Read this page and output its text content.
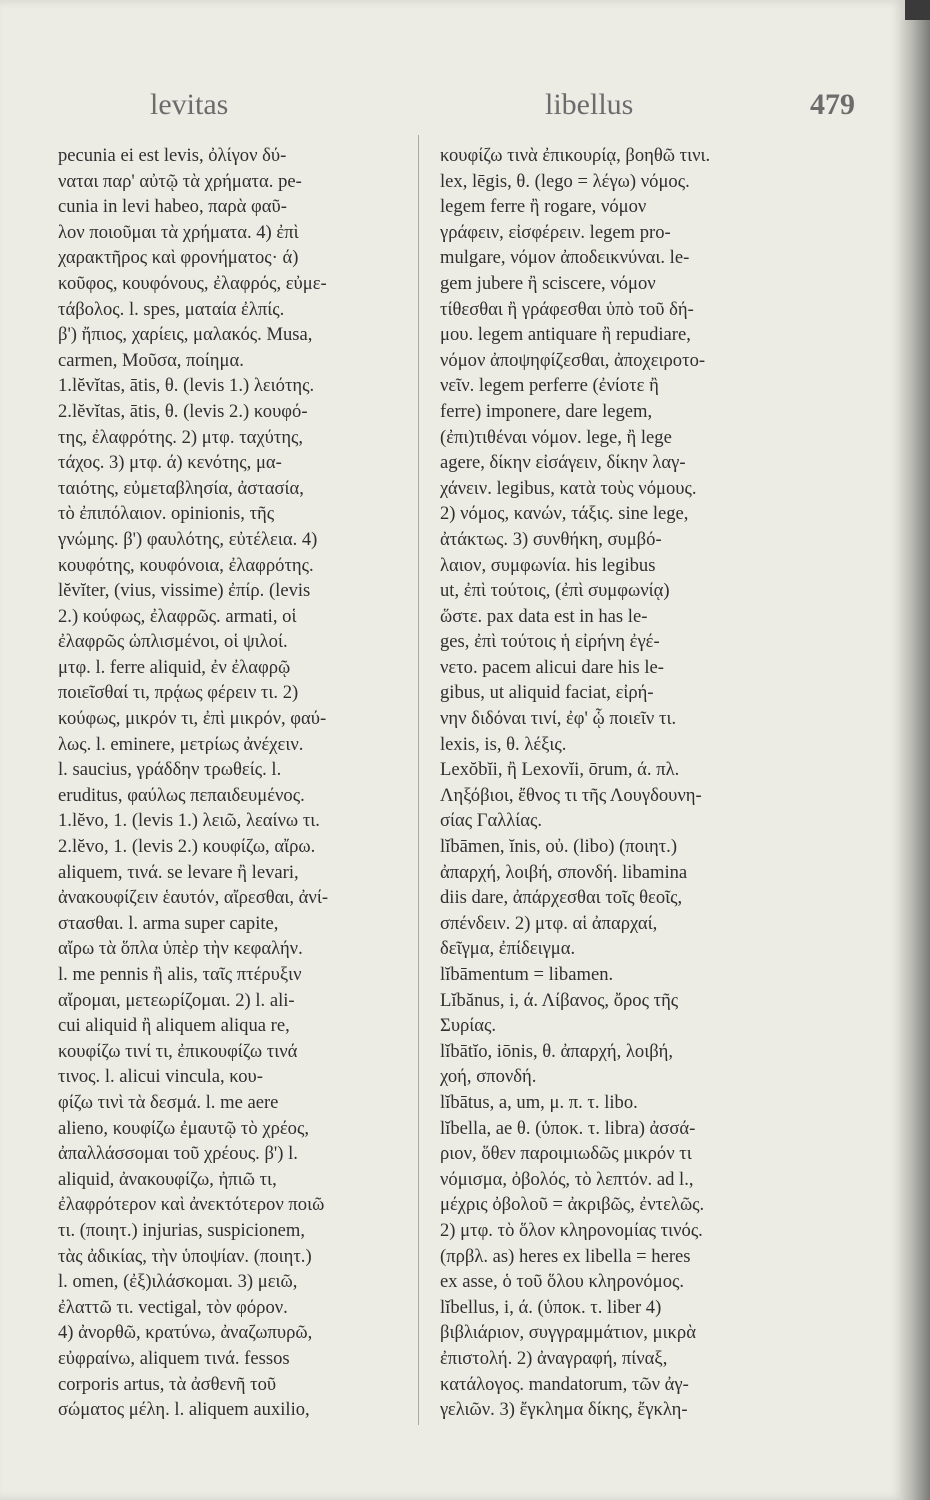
levitas	libellus	479
pecunia ei est levis, ὀλίγον δύ-
ναται παρ' αὐτῷ τὰ χρήματα. pe-
cunia in levi habeo, παρὰ φαῦ-
λον ποιοῦμαι τὰ χρήματα. 4) ἐπὶ
χαρακτῆρος καὶ φρονήματος· ά)
κοῦφος, κουφόνους, ἐλαφρός, εὐμε-
τάβολος. l. spes, ματαία ἐλπίς.
β') ἤπιος, χαρίεις, μαλακός. Musa,
carmen, Μοῦσα, ποίημα.
1.lĕvĭtas, ātis, θ. (levis 1.) λειότης.
2.lĕvĭtas, ātis, θ. (levis 2.) κουφό-
της, ἐλαφρότης. 2) μτφ. ταχύτης,
τάχος. 3) μτφ. ά) κενότης, μα-
ταιότης, εὐμεταβλησία, ἀστασία,
τὸ ἐπιπόλαιον. opinionis, τῆς
γνώμης. β') φαυλότης, εὐτέλεια. 4)
κουφότης, κουφόνοια, ἐλαφρότης.
lĕvĭter, (vius, vissime) ἐπίρ. (levis
2.) κούφως, ἐλαφρῶς. armati, οἱ
ἐλαφρῶς ὡπλισμένοι, οἱ ψιλοί.
μτφ. l. ferre aliquid, ἐν ἐλαφρῷ
ποιεῖσθαί τι, πρᾴως φέρειν τι. 2)
κούφως, μικρόν τι, ἐπὶ μικρόν, φαύ-
λως. l. eminere, μετρίως ἀνέχειν.
l. saucius, γράδδην τρωθείς. l.
eruditus, φαύλως πεπαιδευμένος.
1.lĕvo, 1. (levis 1.) λειῶ, λεαίνω τι.
2.lĕvo, 1. (levis 2.) κουφίζω, αἴρω.
aliquem, τινά. se levare ἢ levari,
ἀνακουφίζειν ἑαυτόν, αἴρεσθαι, ἀνί-
στασθαι. l. arma super capite,
αἴρω τὰ ὅπλα ὑπὲρ τὴν κεφαλήν.
l. me pennis ἢ alis, ταῖς πτέρυξιν
αἴρομαι, μετεωρίζομαι. 2) l. ali-
cui aliquid ἢ aliquem aliqua re,
κουφίζω τινί τι, ἐπικουφίζω τινά
τινος. l. alicui vincula, κου-
φίζω τινὶ τὰ δεσμά. l. me aere
alieno, κουφίζω ἐμαυτῷ τὸ χρέος,
ἀπαλλάσσομαι τοῦ χρέους. β') l.
aliquid, ἀνακουφίζω, ἠπιῶ τι,
ἐλαφρότερον καὶ ἀνεκτότερον ποιῶ
τι. (ποιητ.) injurias, suspicionem,
τὰς ἀδικίας, τὴν ὑποψίαν. (ποιητ.)
l. omen, (ἐξ)ιλάσκομαι. 3) μειῶ,
ἐλαττῶ τι. vectigal, τὸν φόρον.
4) ἀνορθῶ, κρατύνω, ἀναζωπυρῶ,
εὐφραίνω, aliquem τινά. fessos
corporis artus, τὰ ἀσθενῆ τοῦ
σώματος μέλη. l. aliquem auxilio,
κουφίζω τινὰ ἐπικουρίᾳ, βοηθῶ τινι.
lex, lēgis, θ. (lego = λέγω) νόμος.
legem ferre ἢ rogare, νόμον
γράφειν, εἰσφέρειν. legem pro-
mulgare, νόμον ἀποδεικνύναι. le-
gem jubere ἢ sciscere, νόμον
τίθεσθαι ἢ γράφεσθαι ὑπὸ τοῦ δή-
μου. legem antiquare ἢ repudiare,
νόμον ἀποψηφίζεσθαι, ἀποχειροτο-
νεῖν. legem perferre (ἐνίοτε ἢ
ferre) imponere, dare legem,
(ἐπι)τιθέναι νόμον. lege, ἢ lege
agere, δίκην εἰσάγειν, δίκην λαγ-
χάνειν. legibus, κατὰ τοὺς νόμους.
2) νόμος, κανών, τάξις. sine lege,
ἀτάκτως. 3) συνθήκη, συμβό-
λαιον, συμφωνία. his legibus
ut, ἐπὶ τούτοις, (ἐπὶ συμφωνίᾳ)
ὥστε. pax data est in has le-
ges, ἐπὶ τούτοις ἡ εἰρήνη ἐγέ-
νετο. pacem alicui dare his le-
gibus, ut aliquid faciat, εἰρή-
νην διδόναι τινί, ἐφ' ᾧ ποιεῖν τι.
lexis, is, θ. λέξις.
Lexŏbĭi, ἢ Lexovĭi, ōrum, ά. πλ.
Ληξόβιοι, ἔθνος τι τῆς Λουγδουνη-
σίας Γαλλίας.
lĭbāmen, ĭnis, οὐ. (libo) (ποιητ.)
ἀπαρχή, λοιβή, σπονδή. libamina
diis dare, ἀπάρχεσθαι τοῖς θεοῖς,
σπένδειν. 2) μτφ. αἱ ἀπαρχαί,
δεῖγμα, ἐπίδειγμα.
lĭbāmentum = libamen.
Lĭbănus, i, ά. Λίβανος, ὄρος τῆς
Συρίας.
lĭbātĭo, iōnis, θ. ἀπαρχή, λοιβή,
χοή, σπονδή.
lĭbātus, a, um, μ. π. τ. libo.
lĭbella, ae θ. (ὑποκ. τ. libra) ἀσσά-
ριον, ὅθεν παροιμιωδῶς μικρόν τι
νόμισμα, ὀβολός, τὸ λεπτόν. ad l.,
μέχρις ὀβολοῦ = ἀκριβῶς, ἐντελῶς.
2) μτφ. τὸ ὅλον κληρονομίας τινός.
(πρβλ. as) heres ex libella = heres
ex asse, ὁ τοῦ ὅλου κληρονόμος.
lĭbellus, i, ά. (ὑποκ. τ. liber 4)
βιβλιάριον, συγγραμμάτιον, μικρὰ
ἐπιστολή. 2) ἀναγραφή, πίναξ,
κατάλογος. mandatorum, τῶν ἀγ-
γελιῶν. 3) ἔγκλημα δίκης, ἔγκλη-
